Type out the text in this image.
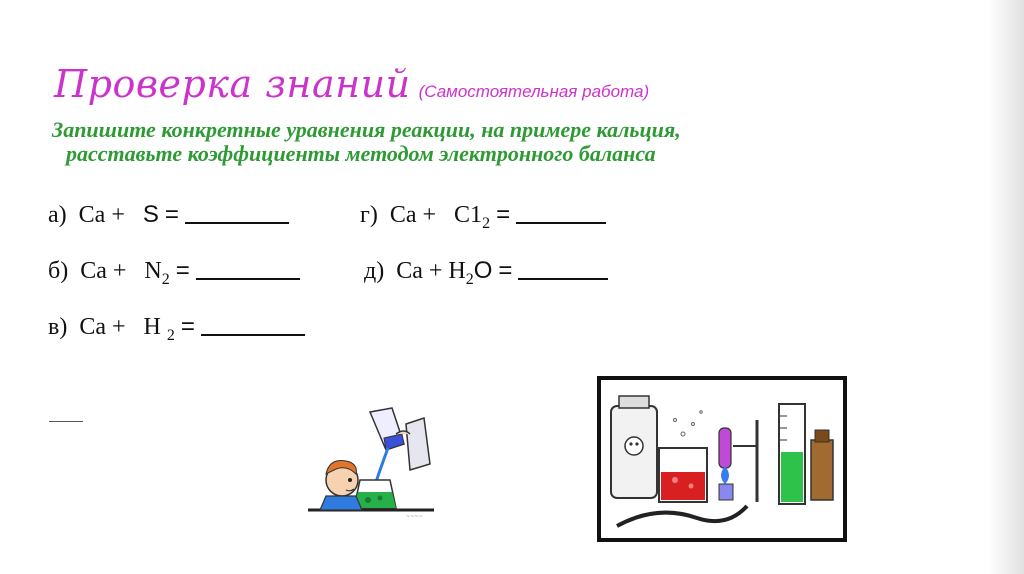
Проверка знаний (Самостоятельная работа)
Запишите конкретные уравнения реакции, на примере кальция,
расставьте коэффициенты методом электронного баланса
а) Ca + S =	г) $Ca + C1_2$ =
б) $Ca + N_2$ =	д) $Ca + H_2O$ =
в) Ca + H $_2$ =
~~~~
